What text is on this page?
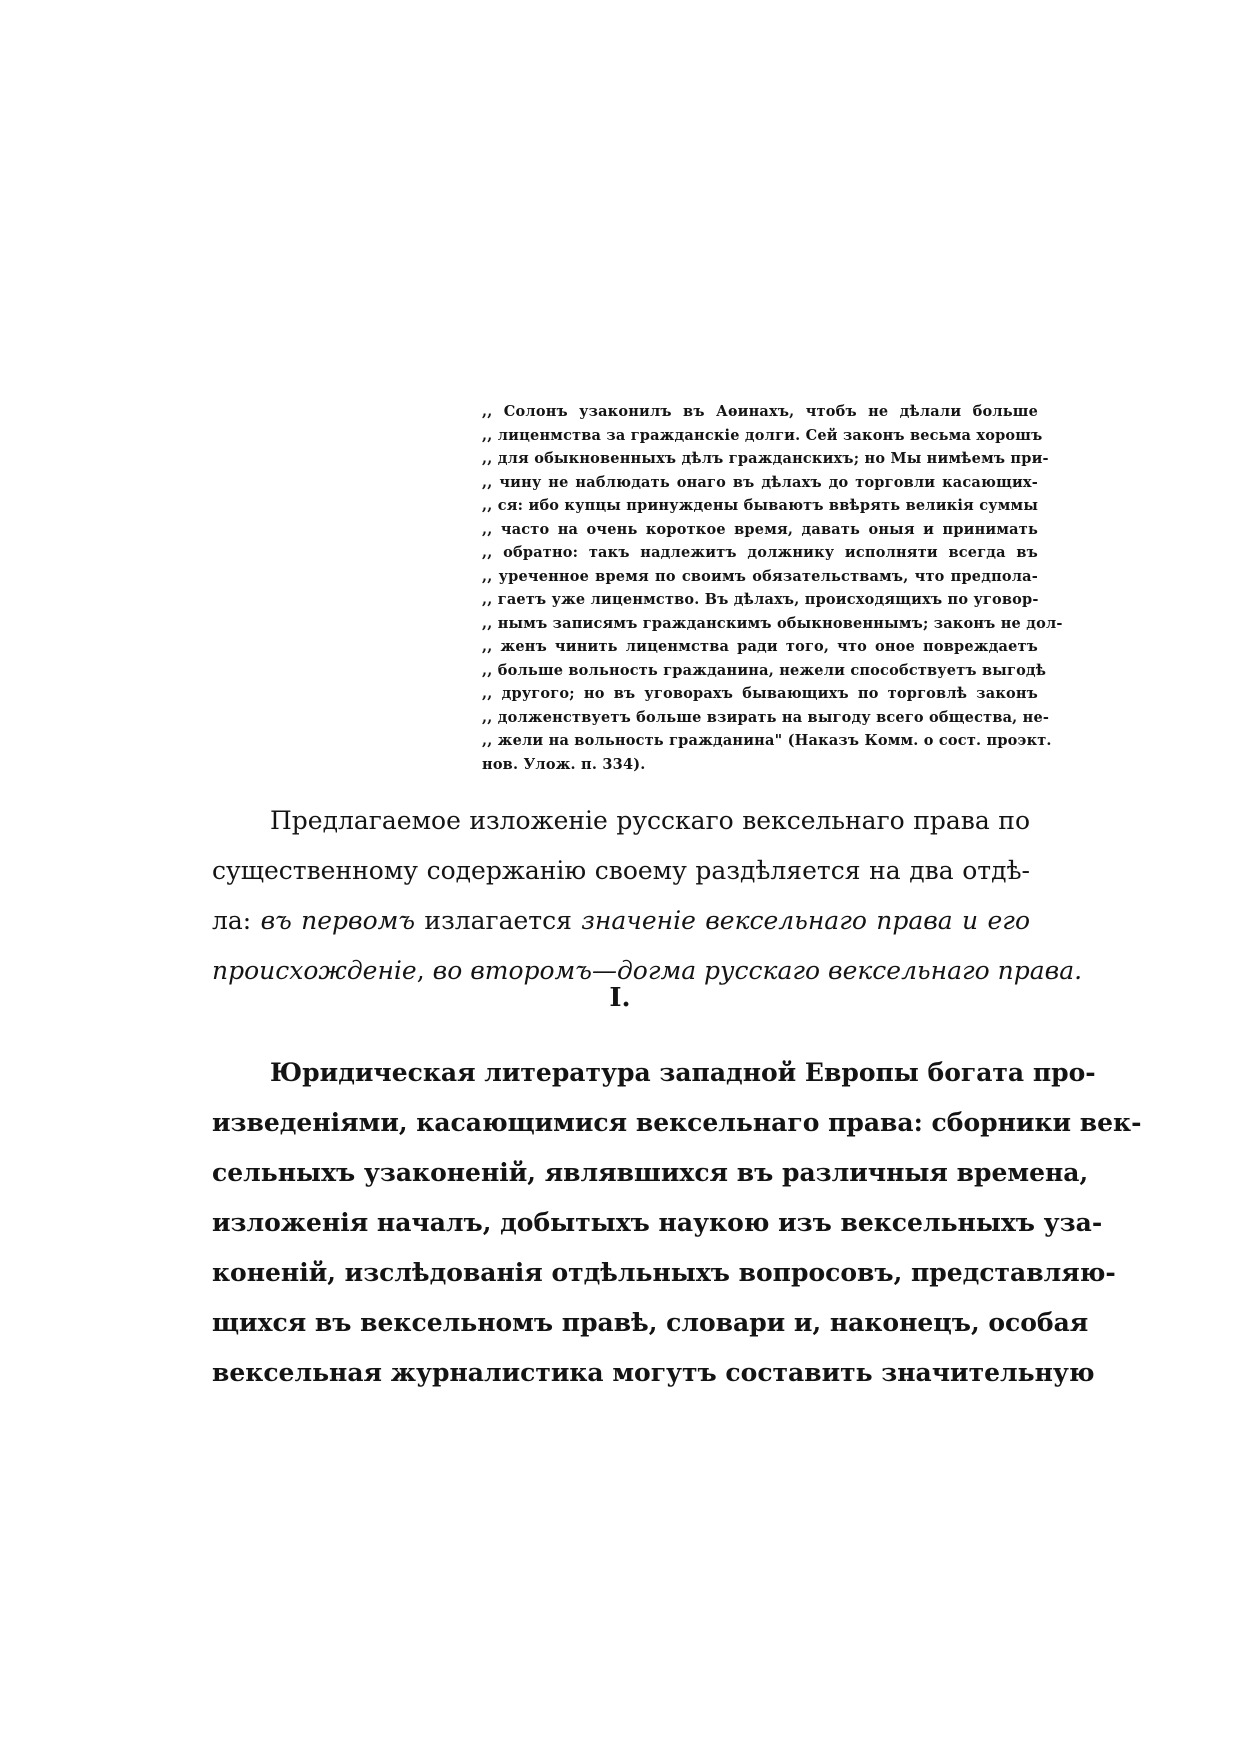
,, Солонъ узаконилъ въ Аѳинахъ, чтобъ не дѣлали больше
,, лиценмства за гражданскiе долги. Сей законъ весьма хорошъ
,, для обыкновенныхъ дѣлъ гражданскихъ; но Мы нимѣемъ при-
,, чину не наблюдать онаго въ дѣлахъ до торговли касающих-
,, ся: ибо купцы принуждены бываютъ ввѣрять великiя суммы
,, часто на очень короткое время, давать оныя и принимать
,, обратно: такъ надлежитъ должнику исполняти всегда въ
,, уреченное время по своимъ обязательствамъ, что предпола-
,, гаетъ уже лиценмство. Въ дѣлахъ, происходящихъ по уговор-
,, нымъ записямъ гражданскимъ обыкновеннымъ; законъ не дол-
,, женъ чинить лиценмства ради того, что оное повреждаетъ
,, больше вольность гражданина, нежели способствуетъ выгодѣ
,, другого; но въ уговорахъ бывающихъ по торговлѣ законъ
,, долженствуетъ больше взирать на выгоду всего общества, не-
,, жели на вольность гражданина" (Наказъ Комм. о сост. проэкт.
нов. Улож. п. 334).
Предлагаемое изложенiе русскаго вексельнаго права по
существенному содержанiю своему раздѣляется на два отдѣ-
ла: въ первомъ излагается значенiе вексельнаго права и его
происхожденiе, во второмъ—догма русскаго вексельнаго права.
I.
Юридическая литература западной Европы богата про-
изведенiями, касающимися вексельнаго права: сборники век-
сельныхъ узаконенiй, являвшихся въ различныя времена,
изложенiя началъ, добытыхъ наукою изъ вексельныхъ уза-
коненiй, изслѣдованiя отдѣльныхъ вопросовъ, представляю-
щихся въ вексельномъ правѣ, словари и, наконецъ, особая
вексельная журналистика могутъ составить значительную
